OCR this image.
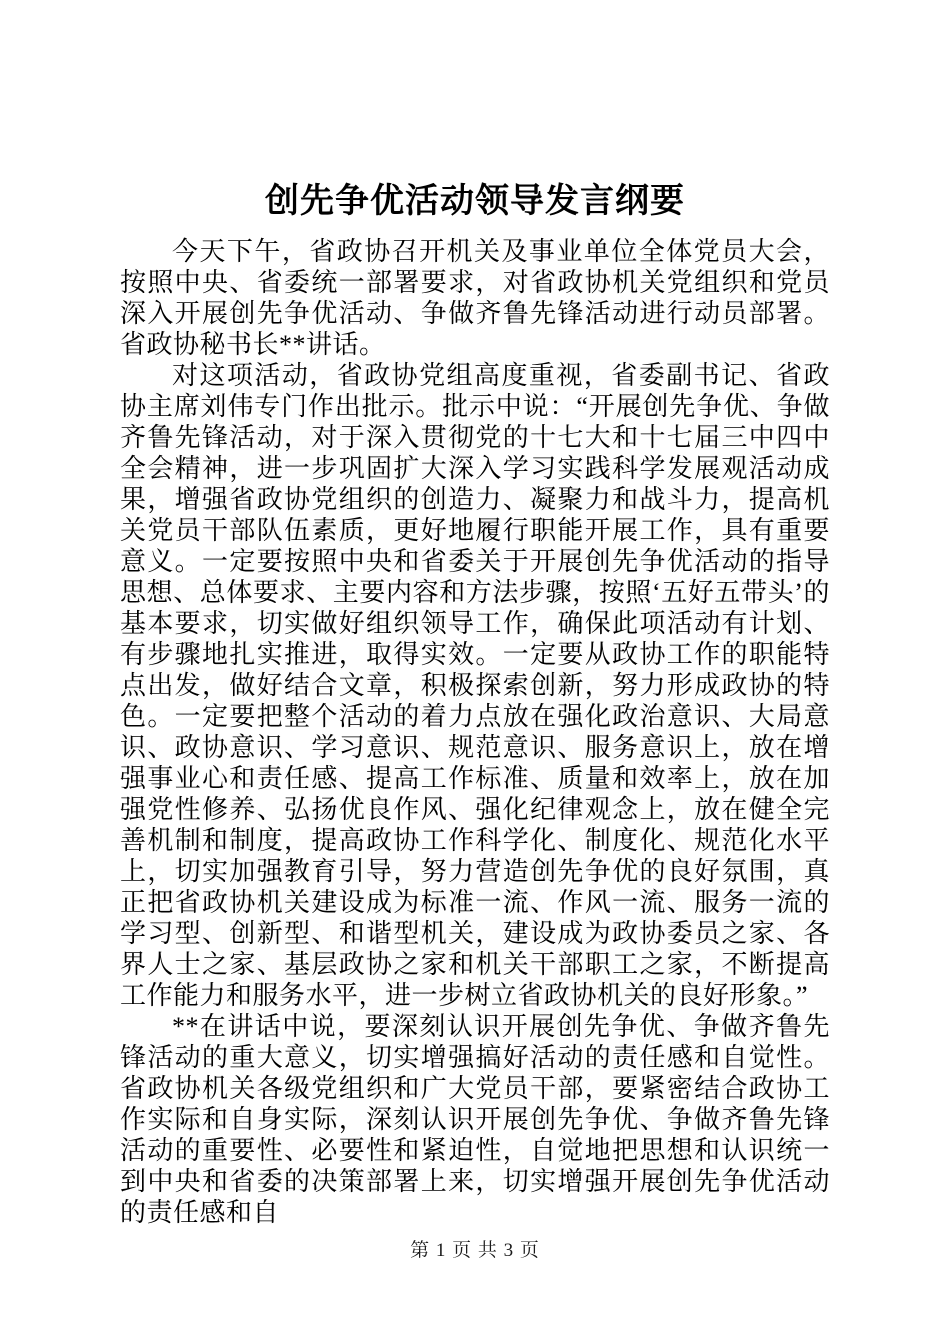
创先争优活动领导发言纲要

今天下午，省政协召开机关及事业单位全体党员大会，按照中央、省委统一部署要求，对省政协机关党组织和党员深入开展创先争优活动、争做齐鲁先锋活动进行动员部署。省政协秘书长**讲话。

对这项活动，省政协党组高度重视，省委副书记、省政协主席刘伟专门作出批示。批示中说：“开展创先争优、争做齐鲁先锋活动，对于深入贯彻党的十七大和十七届三中四中全会精神，进一步巩固扩大深入学习实践科学发展观活动成果，增强省政协党组织的创造力、凝聚力和战斗力，提高机关党员干部队伍素质，更好地履行职能开展工作，具有重要意义。一定要按照中央和省委关于开展创先争优活动的指导思想、总体要求、主要内容和方法步骤，按照‘五好五带头’的基本要求，切实做好组织领导工作，确保此项活动有计划、有步骤地扎实推进，取得实效。一定要从政协工作的职能特点出发，做好结合文章，积极探索创新，努力形成政协的特色。一定要把整个活动的着力点放在强化政治意识、大局意识、政协意识、学习意识、规范意识、服务意识上，放在增强事业心和责任感、提高工作标准、质量和效率上，放在加强党性修养、弘扬优良作风、强化纪律观念上，放在健全完善机制和制度，提高政协工作科学化、制度化、规范化水平上，切实加强教育引导，努力营造创先争优的良好氛围，真正把省政协机关建设成为标准一流、作风一流、服务一流的学习型、创新型、和谐型机关，建设成为政协委员之家、各界人士之家、基层政协之家和机关干部职工之家，不断提高工作能力和服务水平，进一步树立省政协机关的良好形象。”

**在讲话中说，要深刻认识开展创先争优、争做齐鲁先锋活动的重大意义，切实增强搞好活动的责任感和自觉性。省政协机关各级党组织和广大党员干部，要紧密结合政协工作实际和自身实际，深刻认识开展创先争优、争做齐鲁先锋活动的重要性、必要性和紧迫性，自觉地把思想和认识统一到中央和省委的决策部署上来，切实增强开展创先争优活动的责任感和自

第 1 页 共 3 页
